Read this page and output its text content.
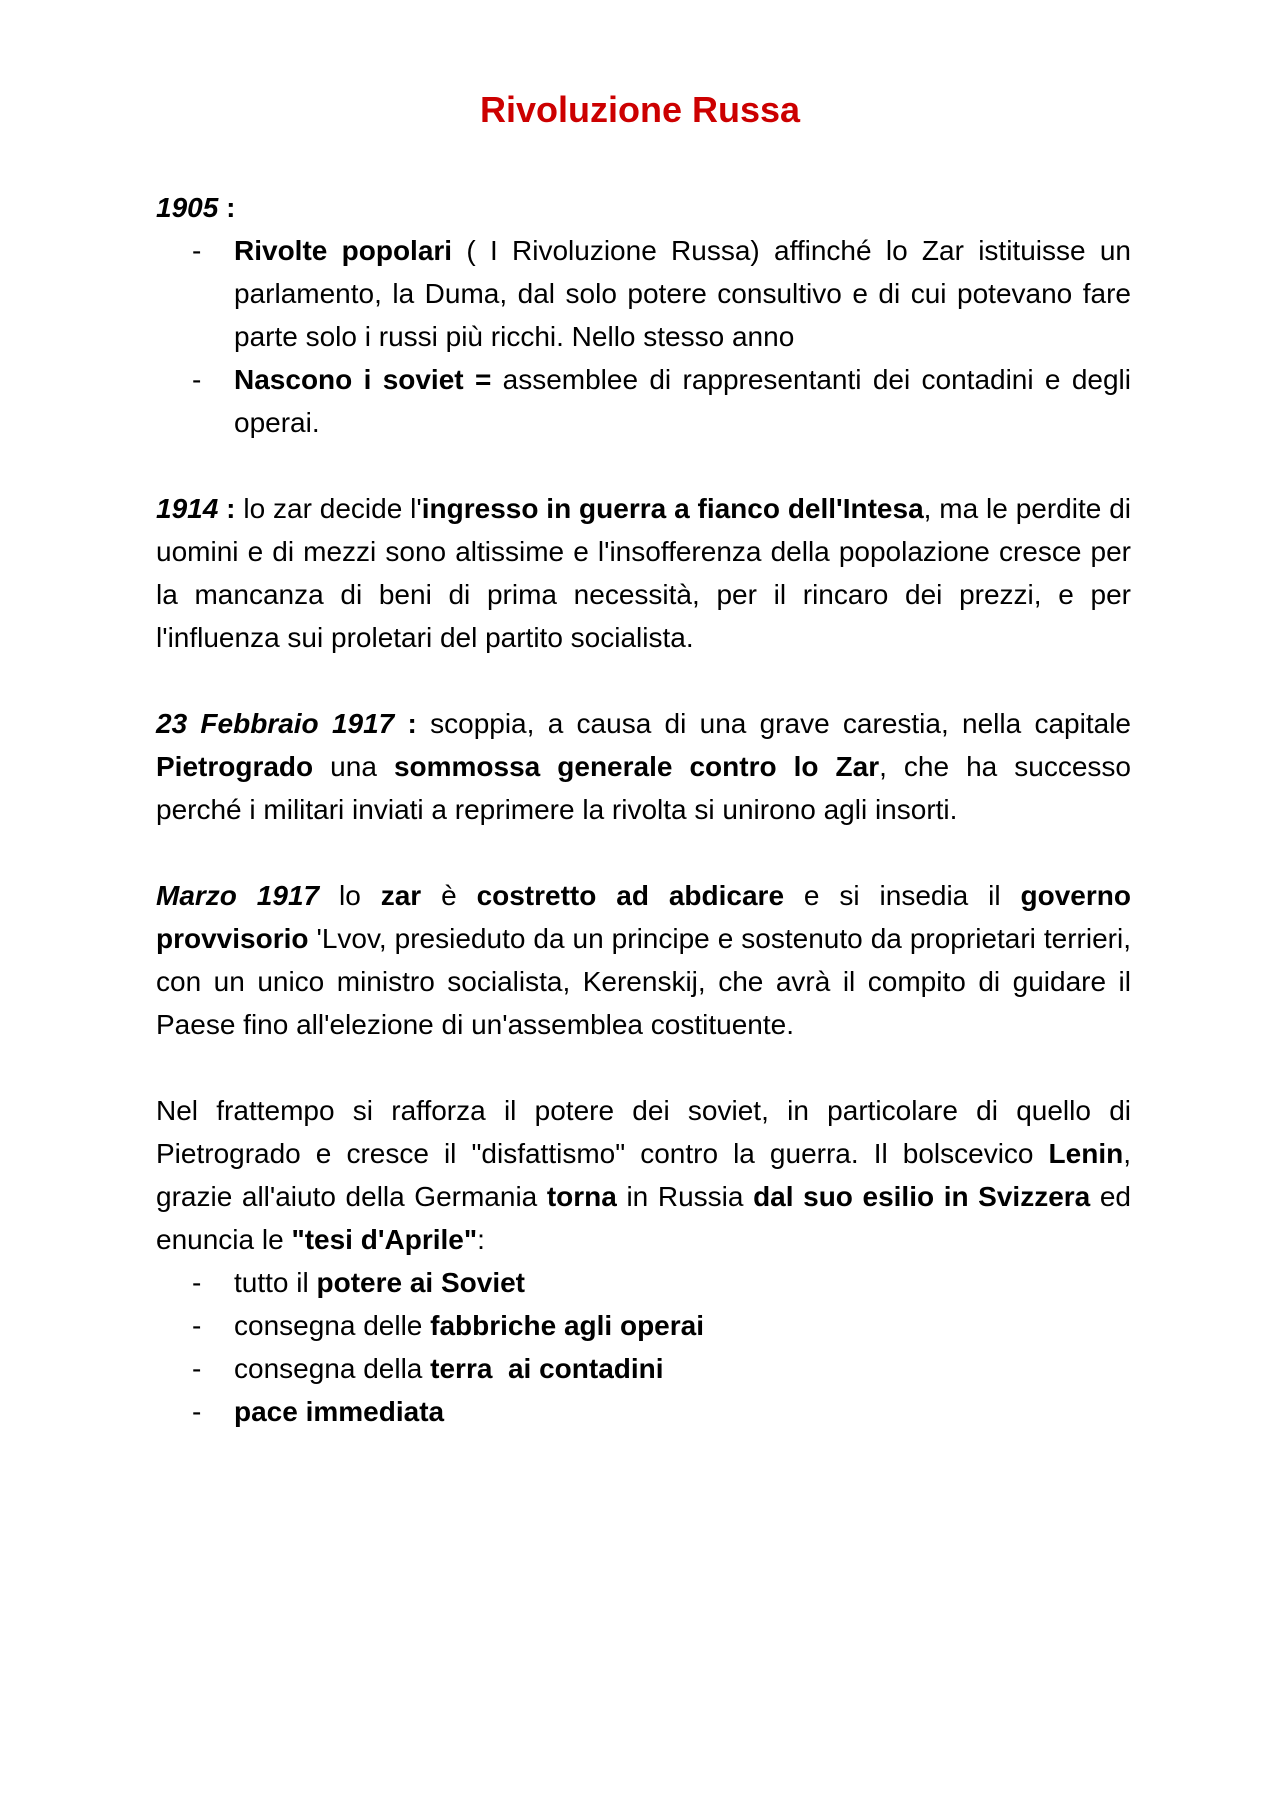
Rivoluzione Russa

1905 :

- Rivolte popolari ( I Rivoluzione Russa) affinché lo Zar istituisse un parlamento, la Duma, dal solo potere consultivo e di cui potevano fare parte solo i russi più ricchi. Nello stesso anno
- Nascono i soviet = assemblee di rappresentanti dei contadini e degli operai.

1914 : lo zar decide l'ingresso in guerra a fianco dell'Intesa, ma le perdite di uomini e di mezzi sono altissime e l'insofferenza della popolazione cresce per la mancanza di beni di prima necessità, per il rincaro dei prezzi, e per l'influenza sui proletari del partito socialista.

23 Febbraio 1917 : scoppia, a causa di una grave carestia, nella capitale Pietrogrado una sommossa generale contro lo Zar, che ha successo perché i militari inviati a reprimere la rivolta si unirono agli insorti.

Marzo 1917 lo zar è costretto ad abdicare e si insedia il governo provvisorio 'Lvov, presieduto da un principe e sostenuto da proprietari terrieri, con un unico ministro socialista, Kerenskij, che avrà il compito di guidare il Paese fino all'elezione di un'assemblea costituente.

Nel frattempo si rafforza il potere dei soviet, in particolare di quello di Pietrogrado e cresce il "disfattismo" contro la guerra. Il bolscevico Lenin, grazie all'aiuto della Germania torna in Russia dal suo esilio in Svizzera ed enuncia le "tesi d'Aprile":

- tutto il potere ai Soviet
- consegna delle fabbriche agli operai
- consegna della terra  ai contadini
- pace immediata
